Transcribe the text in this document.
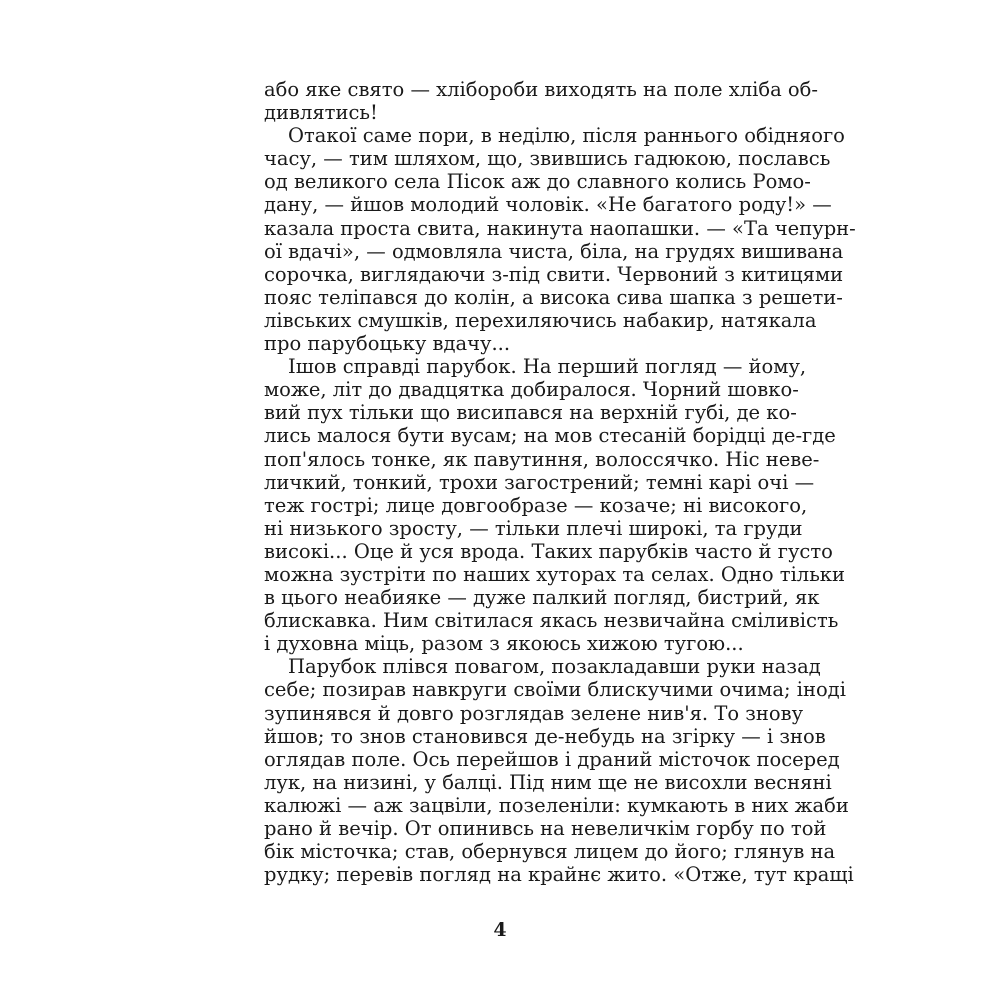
або яке свято — хлібороби виходять на поле хліба об-
дивлятись!
Отакої саме пори, в неділю, після раннього обідняого
часу, — тим шляхом, що, звившись гадюкою, пославсь
од великого села Пісок аж до славного колись Ромо-
дану, — йшов молодий чоловік. «Не багатого роду!» —
казала проста свита, накинута наопашки. — «Та чепурн-
ої вдачі», — одмовляла чиста, біла, на грудях вишивана
сорочка, виглядаючи з-під свити. Червоний з китицями
пояс теліпався до колін, а висока сива шапка з решети-
лівських смушків, перехиляючись набакир, натякала
про парубоцьку вдачу...
Ішов справді парубок. На перший погляд — йому,
може, літ до двадцятка добиралося. Чорний шовко-
вий пух тільки що висипався на верхній губі, де ко-
лись малося бути вусам; на мов стесаній борідці де-где
поп'ялось тонке, як павутиння, волоссячко. Ніс неве-
личкий, тонкий, трохи загострений; темні карі очі —
теж гострі; лице довгообразе — козаче; ні високого,
ні низького зросту, — тільки плечі широкі, та груди
високі... Оце й уся врода. Таких парубків часто й густо
можна зустріти по наших хуторах та селах. Одно тільки
в цього неабияке — дуже палкий погляд, бистрий, як
блискавка. Ним світилася якась незвичайна сміливість
і духовна міць, разом з якоюсь хижою тугою...
Парубок плівся повагом, позакладавши руки назад
себе; позирав навкруги своїми блискучими очима; іноді
зупинявся й довго розглядав зелене нив'я. То знову
йшов; то знов становився де-небудь на згірку — і знов
оглядав поле. Ось перейшов і драний місточок посеред
лук, на низині, у балці. Під ним ще не висохли весняні
калюжі — аж зацвіли, позеленіли: кумкають в них жаби
рано й вечір. От опинивсь на невеличкім горбу по той
бік місточка; став, обернувся лицем до його; глянув на
рудку; перевів погляд на крайнє жито. «Отже, тут кращі
4
